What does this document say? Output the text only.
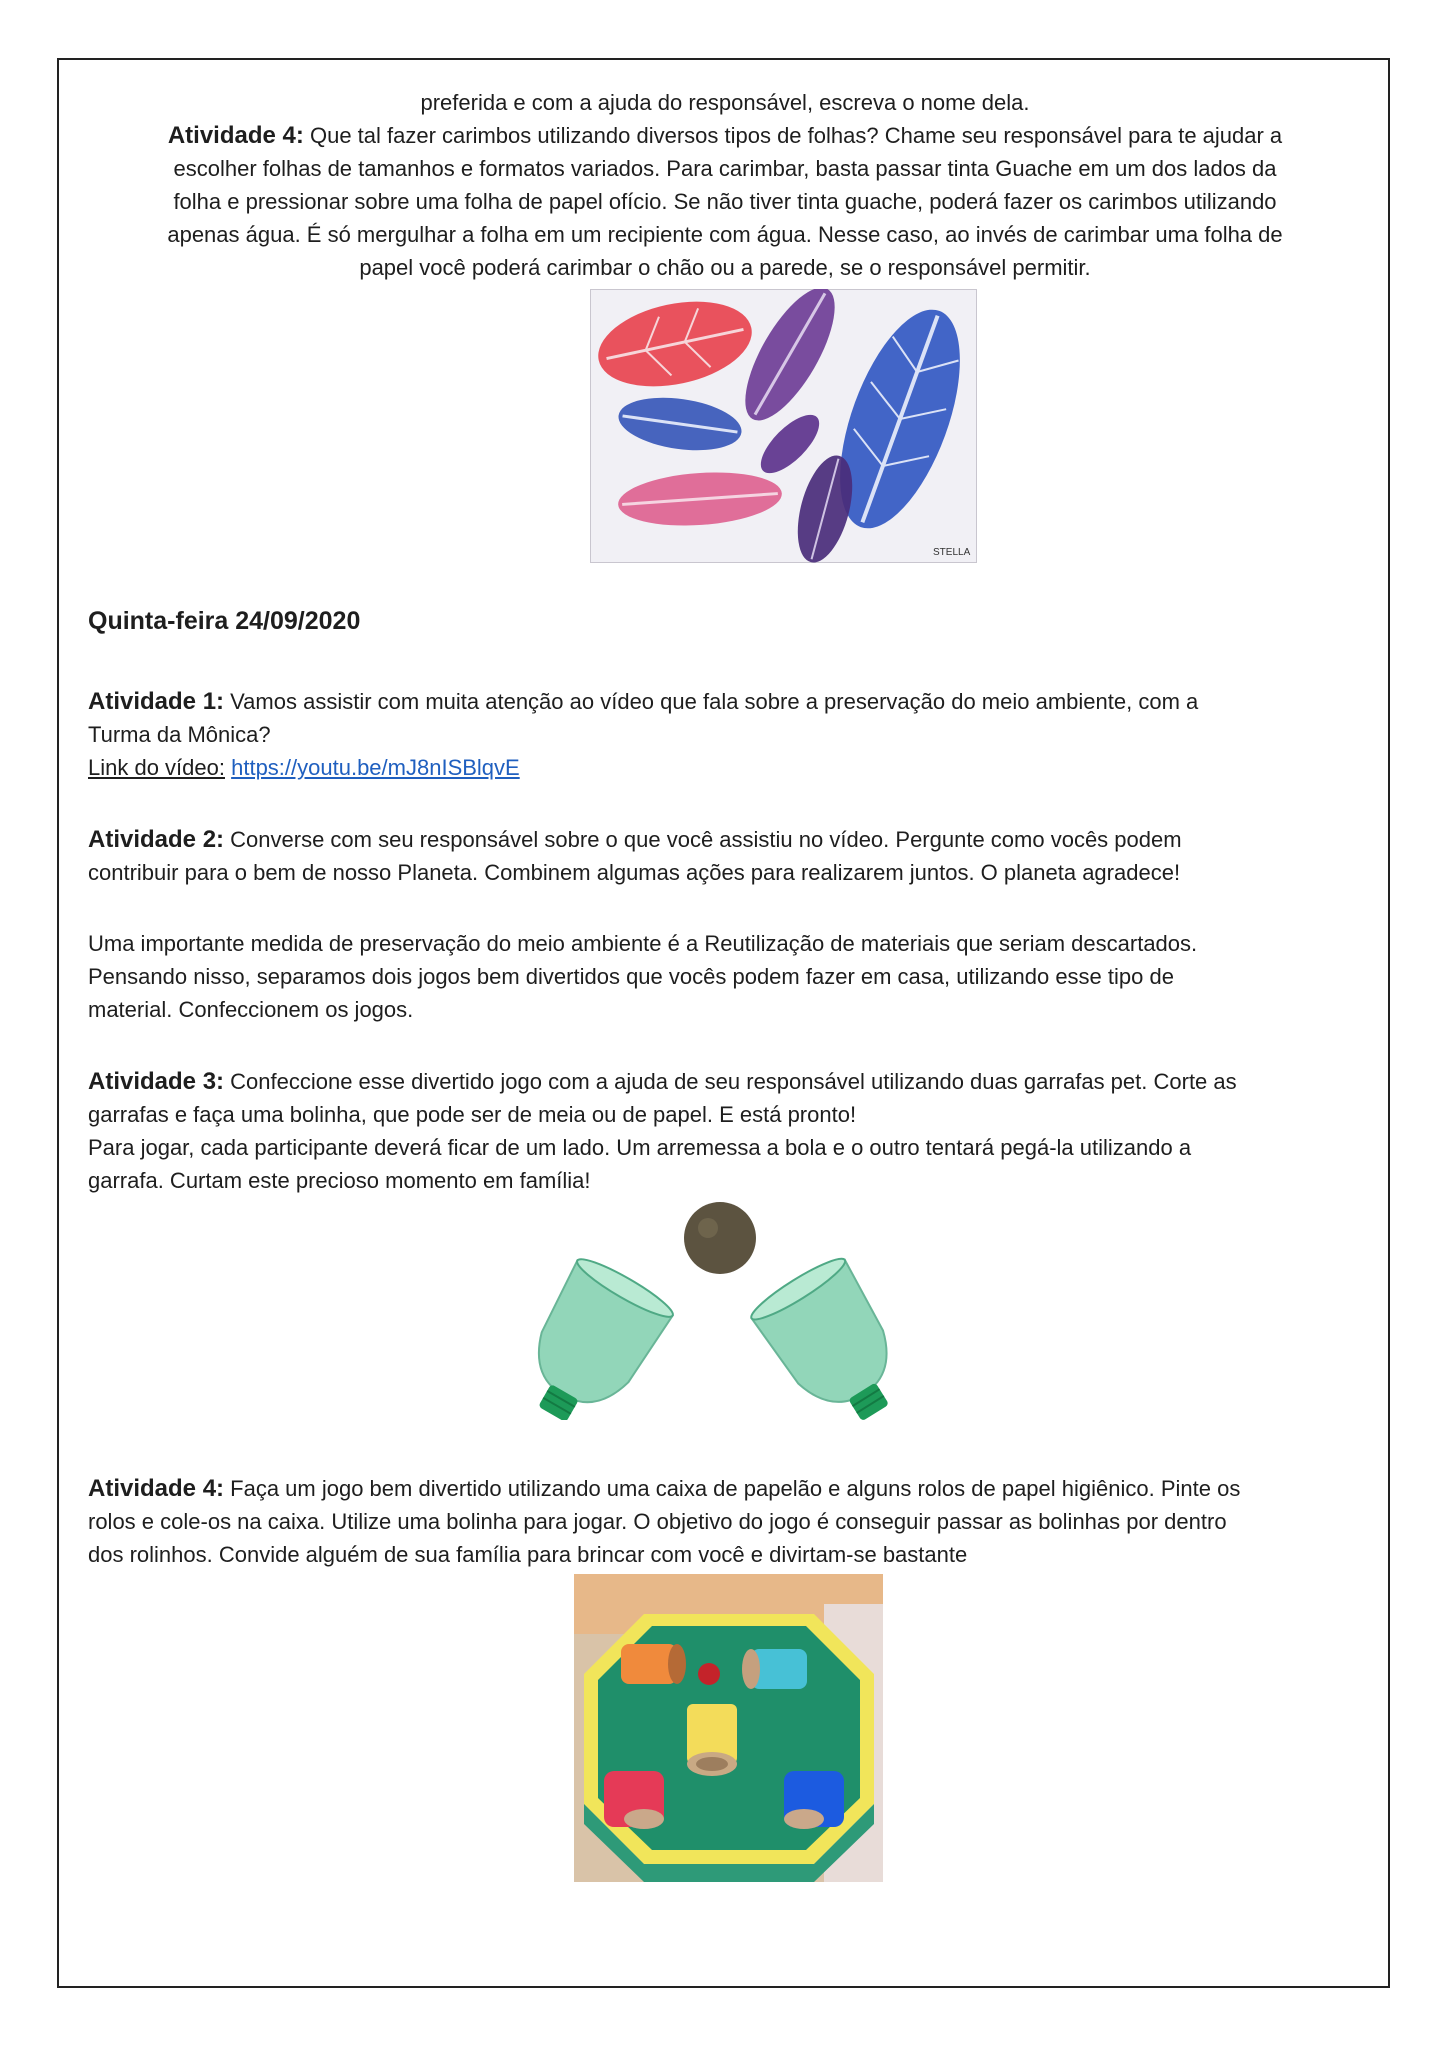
preferida e com a ajuda do responsável, escreva o nome dela.
Atividade 4: Que tal fazer carimbos utilizando diversos tipos de folhas? Chame seu responsável para te ajudar a
escolher folhas de tamanhos e formatos variados. Para carimbar, basta passar tinta Guache em um dos lados da
folha e pressionar sobre uma folha de papel ofício. Se não tiver tinta guache, poderá fazer os carimbos utilizando
apenas água. É só mergulhar a folha em um recipiente com água. Nesse caso, ao invés de carimbar uma folha de
papel você poderá carimbar o chão ou a parede, se o responsável permitir.
STELLA
Quinta-feira 24/09/2020
Atividade 1: Vamos assistir com muita atenção ao vídeo que fala sobre a preservação do meio ambiente, com a
Turma da Mônica?
Link do vídeo: https://youtu.be/mJ8nISBlqvE
Atividade 2: Converse com seu responsável sobre o que você assistiu no vídeo. Pergunte como vocês podem
contribuir para o bem de nosso Planeta. Combinem algumas ações para realizarem juntos. O planeta agradece!
Uma importante medida de preservação do meio ambiente é a Reutilização de materiais que seriam descartados.
Pensando nisso, separamos dois jogos bem divertidos que vocês podem fazer em casa, utilizando esse tipo de
material. Confeccionem os jogos.
Atividade 3: Confeccione esse divertido jogo com a ajuda de seu responsável utilizando duas garrafas pet. Corte as
garrafas e faça uma bolinha, que pode ser de meia ou de papel. E está pronto!
Para jogar, cada participante deverá ficar de um lado. Um arremessa a bola e o outro tentará pegá-la utilizando a
garrafa. Curtam este precioso momento em família!
Atividade 4: Faça um jogo bem divertido utilizando uma caixa de papelão e alguns rolos de papel higiênico. Pinte os
rolos e cole-os na caixa. Utilize uma bolinha para jogar. O objetivo do jogo é conseguir passar as bolinhas por dentro
dos rolinhos. Convide alguém de sua família para brincar com você e divirtam-se bastante
